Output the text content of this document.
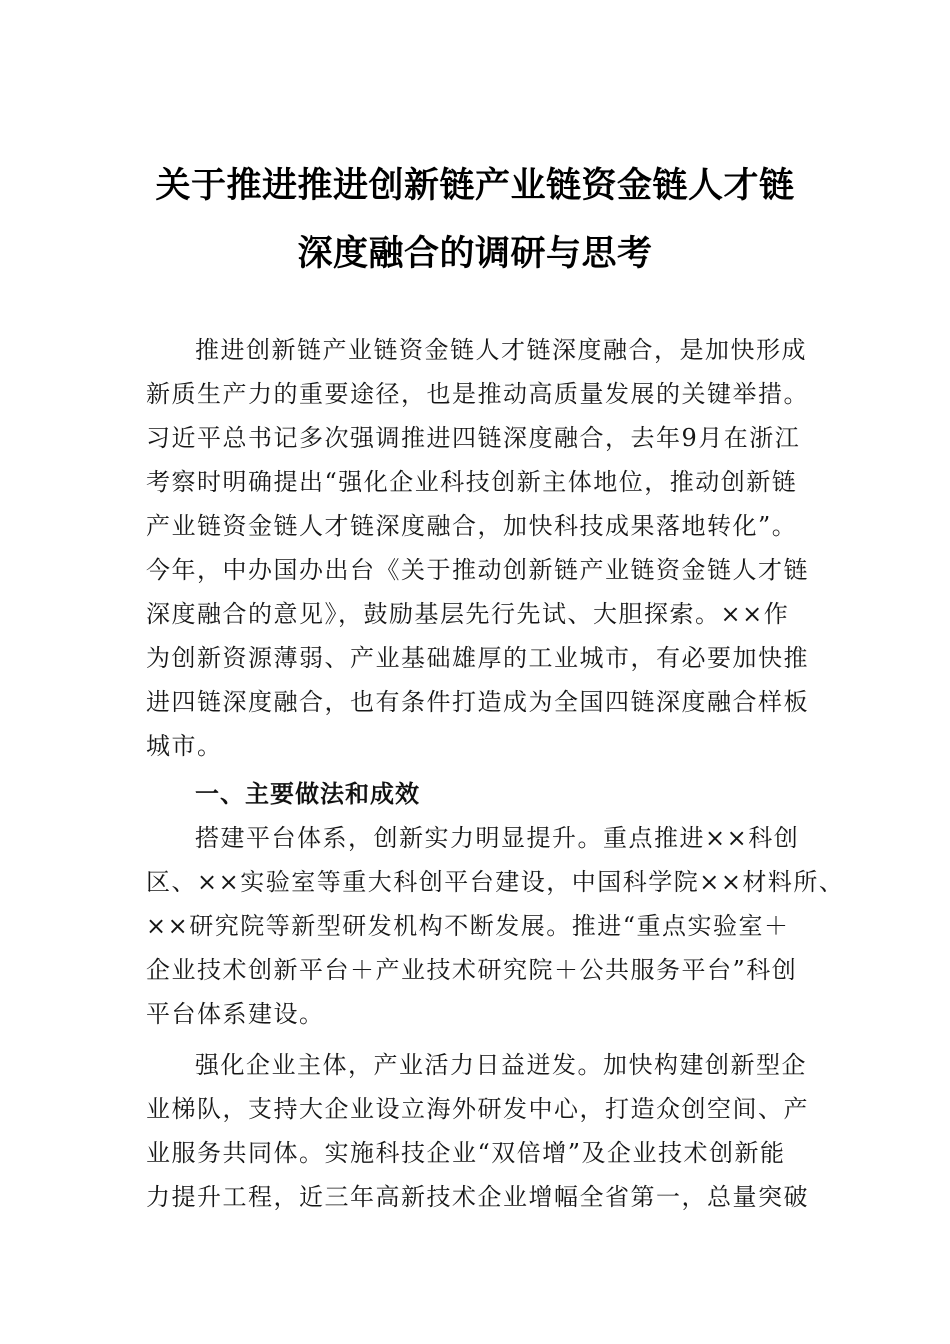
关于推进推进创新链产业链资金链人才链
深度融合的调研与思考
推进创新链产业链资金链人才链深度融合，是加快形成
新质生产力的重要途径，也是推动高质量发展的关键举措。
习近平总书记多次强调推进四链深度融合，去年9月在浙江
考察时明确提出“强化企业科技创新主体地位，推动创新链
产业链资金链人才链深度融合，加快科技成果落地转化”。
今年，中办国办出台《关于推动创新链产业链资金链人才链
深度融合的意见》，鼓励基层先行先试、大胆探索。××作
为创新资源薄弱、产业基础雄厚的工业城市，有必要加快推
进四链深度融合，也有条件打造成为全国四链深度融合样板
城市。
一、主要做法和成效
搭建平台体系，创新实力明显提升。重点推进××科创
区、××实验室等重大科创平台建设，中国科学院××材料所、
××研究院等新型研发机构不断发展。推进“重点实验室＋
企业技术创新平台＋产业技术研究院＋公共服务平台”科创
平台体系建设。
强化企业主体，产业活力日益迸发。加快构建创新型企
业梯队，支持大企业设立海外研发中心，打造众创空间、产
业服务共同体。实施科技企业“双倍增”及企业技术创新能
力提升工程，近三年高新技术企业增幅全省第一，总量突破
